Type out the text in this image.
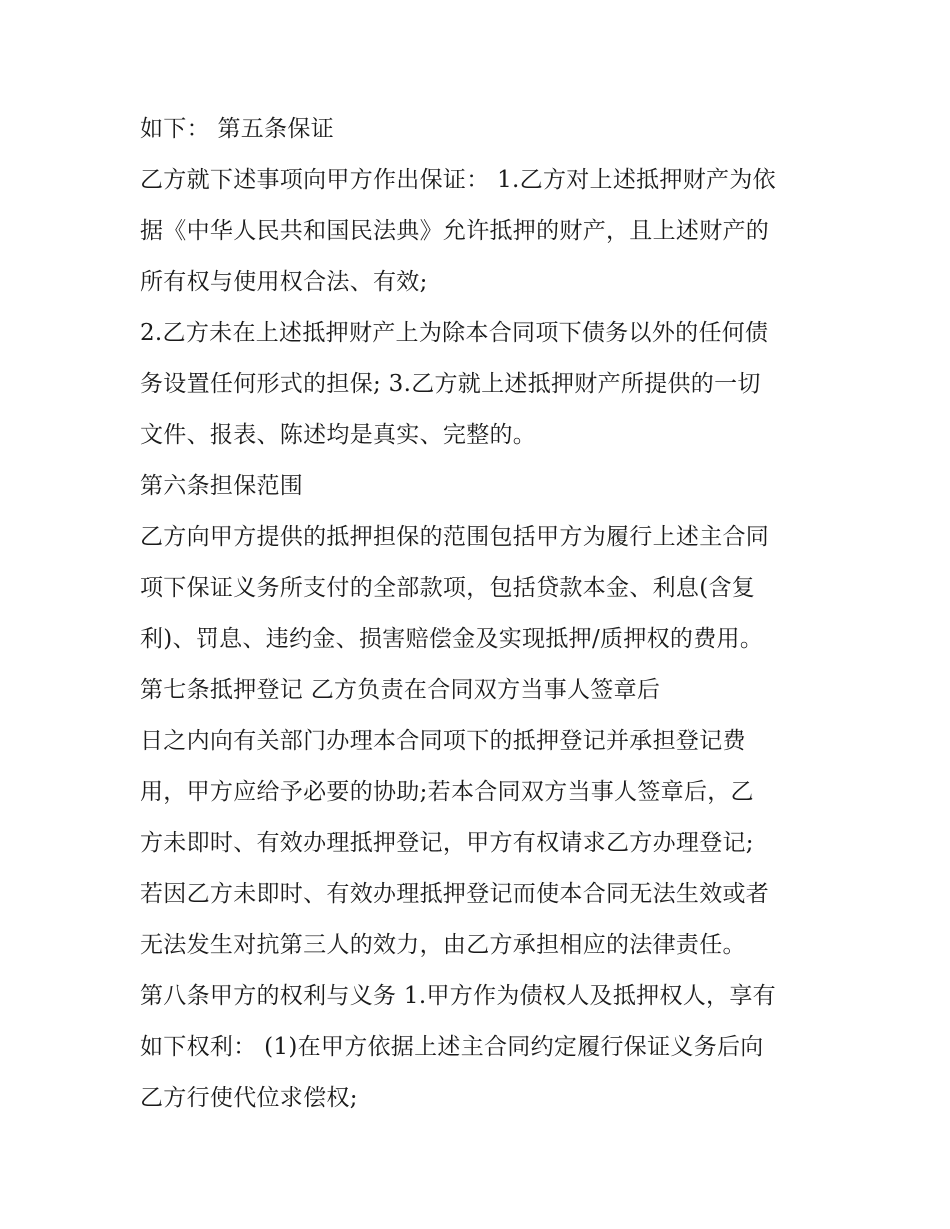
如下： 第五条保证
乙方就下述事项向甲方作出保证： 1.乙方对上述抵押财产为依
据《中华人民共和国民法典》允许抵押的财产，且上述财产的
所有权与使用权合法、有效;
2.乙方未在上述抵押财产上为除本合同项下债务以外的任何债
务设置任何形式的担保; 3.乙方就上述抵押财产所提供的一切
文件、报表、陈述均是真实、完整的。
第六条担保范围
乙方向甲方提供的抵押担保的范围包括甲方为履行上述主合同
项下保证义务所支付的全部款项，包括贷款本金、利息(含复
利)、罚息、违约金、损害赔偿金及实现抵押/质押权的费用。
第七条抵押登记 乙方负责在合同双方当事人签章后
日之内向有关部门办理本合同项下的抵押登记并承担登记费
用，甲方应给予必要的协助;若本合同双方当事人签章后，乙
方未即时、有效办理抵押登记，甲方有权请求乙方办理登记;
若因乙方未即时、有效办理抵押登记而使本合同无法生效或者
无法发生对抗第三人的效力，由乙方承担相应的法律责任。
第八条甲方的权利与义务 1.甲方作为债权人及抵押权人，享有
如下权利： (1)在甲方依据上述主合同约定履行保证义务后向
乙方行使代位求偿权;
